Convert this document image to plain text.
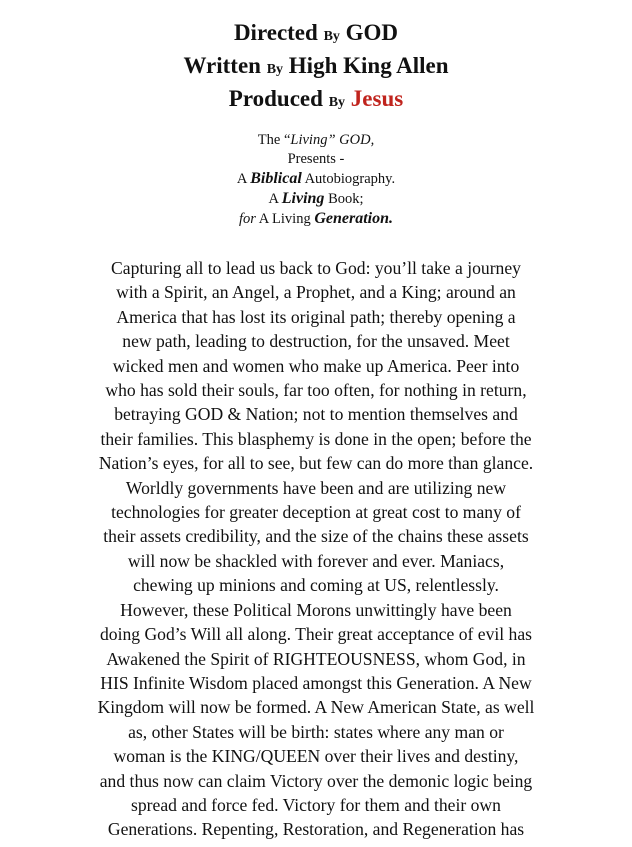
Directed By GOD
Written By High King Allen
Produced By Jesus
The “Living” GOD,
Presents -
A Biblical Autobiography.
A Living Book;
for A Living Generation.
Capturing all to lead us back to God: you’ll take a journey
with a Spirit, an Angel, a Prophet, and a King; around an
America that has lost its original path; thereby opening a
new path, leading to destruction, for the unsaved. Meet
wicked men and women who make up America. Peer into
who has sold their souls, far too often, for nothing in return,
betraying GOD & Nation; not to mention themselves and
their families. This blasphemy is done in the open; before the
Nation’s eyes, for all to see, but few can do more than glance.
Worldly governments have been and are utilizing new
technologies for greater deception at great cost to many of
their assets credibility, and the size of the chains these assets
will now be shackled with forever and ever. Maniacs,
chewing up minions and coming at US, relentlessly.
However, these Political Morons unwittingly have been
doing God’s Will all along. Their great acceptance of evil has
Awakened the Spirit of RIGHTEOUSNESS, whom God, in
HIS Infinite Wisdom placed amongst this Generation. A New
Kingdom will now be formed. A New American State, as well
as, other States will be birth: states where any man or
woman is the KING/QUEEN over their lives and destiny,
and thus now can claim Victory over the demonic logic being
spread and force fed. Victory for them and their own
Generations. Repenting, Restoration, and Regeneration has
